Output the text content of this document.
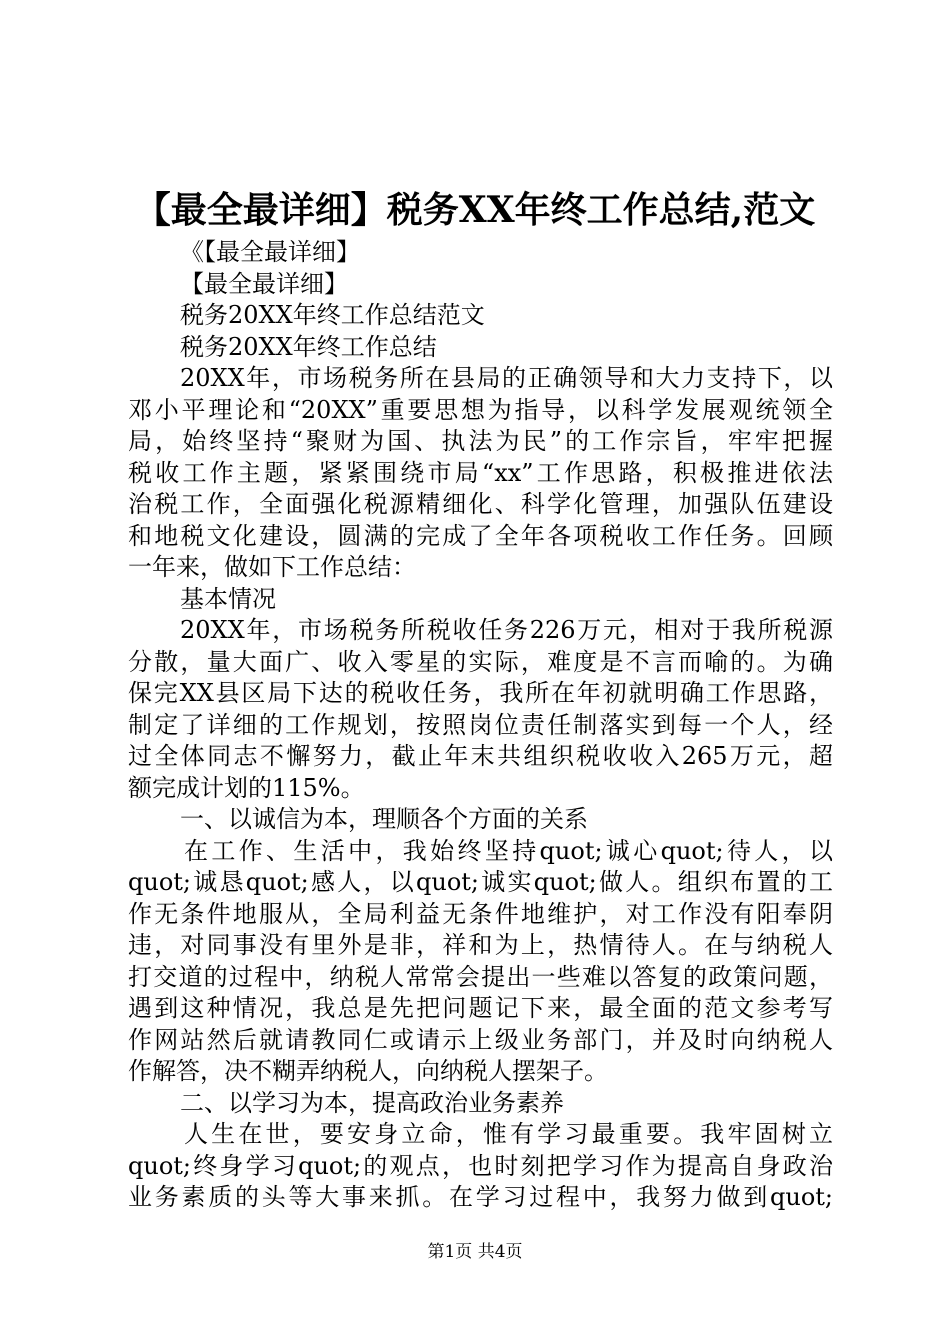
【最全最详细】税务XX年终工作总结,范文
《【最全最详细】
【最全最详细】
税务20XX年终工作总结范文
税务20XX年终工作总结
20XX年，市场税务所在县局的正确领导和大力支持下，以
邓小平理论和“20XX”重要思想为指导，以科学发展观统领全
局，始终坚持“聚财为国、执法为民”的工作宗旨，牢牢把握
税收工作主题，紧紧围绕市局“xx”工作思路，积极推进依法
治税工作，全面强化税源精细化、科学化管理，加强队伍建设
和地税文化建设，圆满的完成了全年各项税收工作任务。回顾
一年来，做如下工作总结：
基本情况
20XX年，市场税务所税收任务226万元，相对于我所税源
分散，量大面广、收入零星的实际，难度是不言而喻的。为确
保完XX县区局下达的税收任务，我所在年初就明确工作思路，
制定了详细的工作规划，按照岗位责任制落实到每一个人，经
过全体同志不懈努力，截止年末共组织税收收入265万元，超
额完成计划的115%。
一、以诚信为本，理顺各个方面的关系
在工作、生活中，我始终坚持quot;诚心quot;待人，以
quot;诚恳quot;感人，以quot;诚实quot;做人。组织布置的工
作无条件地服从，全局利益无条件地维护，对工作没有阳奉阴
违，对同事没有里外是非，祥和为上，热情待人。在与纳税人
打交道的过程中，纳税人常常会提出一些难以答复的政策问题，
遇到这种情况，我总是先把问题记下来，最全面的范文参考写
作网站然后就请教同仁或请示上级业务部门，并及时向纳税人
作解答，决不糊弄纳税人，向纳税人摆架子。
二、以学习为本，提高政治业务素养
人生在世，要安身立命，惟有学习最重要。我牢固树立
quot;终身学习quot;的观点，也时刻把学习作为提高自身政治
业务素质的头等大事来抓。在学习过程中，我努力做到quot;
第1页 共4页
